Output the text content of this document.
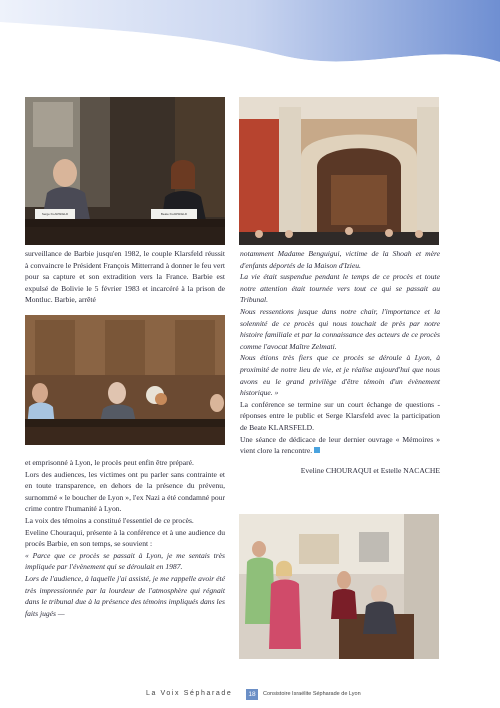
Serge KLARSFELD	Beate KLARSFELD

surveillance de Barbie jusqu'en 1982, le couple Klarsfeld réussit à convaincre le Président François Mitterrand à donner le feu vert pour sa capture et son extradition vers la France. Barbie est expulsé de Bolivie le 5 février 1983 et incarcéré à la prison de Montluc. Barbie, arrêté

et emprisonné à Lyon, le procès peut enfin être préparé.

Lors des audiences, les victimes ont pu parler sans contrainte et en toute transparence, en dehors de la présence du prévenu, surnommé « le boucher de Lyon », l'ex Nazi a été condamné pour crime contre l'humanité à Lyon.

La voix des témoins a constitué l'essentiel de ce procès.

Eveline Chouraqui, présente à la conférence et à une audience du procès Barbie, en son temps, se souvient :

« Parce que ce procès se passait à Lyon, je me sentais très impliquée par l'évènement qui se déroulait en 1987.

Lors de l'audience, à laquelle j'ai assisté, je me rappelle avoir été très impressionnée par la lourdeur de l'atmosphère qui régnait dans le tribunal due à la présence des témoins impliqués dans les faits jugés —

notamment Madame Benguigui, victime de la Shoah et mère d'enfants déportés de la Maison d'Izieu.

La vie était suspendue pendant le temps de ce procès et toute notre attention était tournée vers tout ce qui se passait au Tribunal.

Nous ressentions jusque dans notre chair, l'importance et la solennité de ce procès qui nous touchait de près par notre histoire familiale et par la connaissance des acteurs de ce procès comme l'avocat Maître Zelmati.

Nous étions très fiers que ce procès se déroule à Lyon, à proximité de notre lieu de vie, et je réalise aujourd'hui que nous avons eu le grand privilège d'être témoin d'un évènement historique. »

La conférence se termine sur un court échange de questions - réponses entre le public et Serge Klarsfeld avec la participation de Beate KLARSFELD.

Une séance de dédicace de leur dernier ouvrage « Mémoires » vient clore la rencontre.

Eveline CHOURAQUI et Estelle NACACHE

La Voix Sépharade	18	Consistoire Israélite Sépharade de Lyon
